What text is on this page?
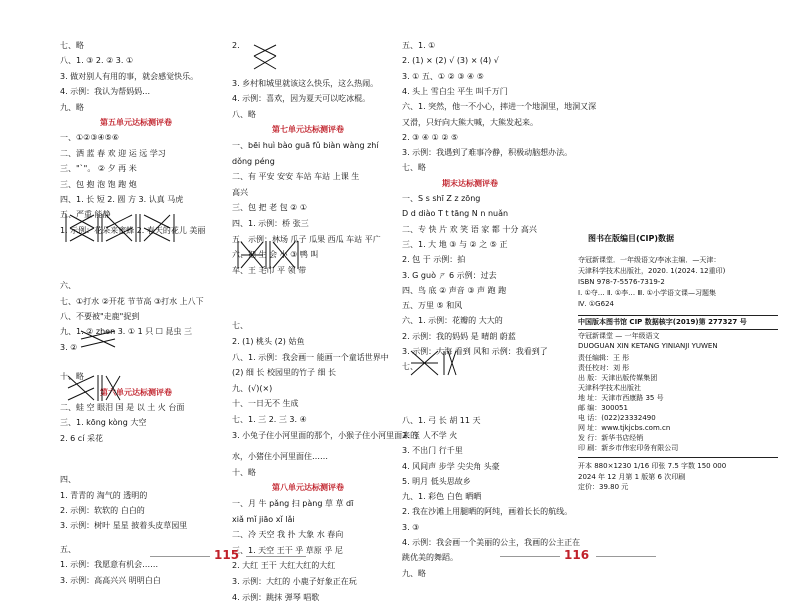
七、略
八、1. ③ 2. ② 3. ①
3. 做对别人有用的事，就会感觉快乐。
4. 示例：我认为帮妈妈…
九、略
第五单元达标测评卷
一、①②③④⑤⑥
二、洒 蓝 春 欢 迎 运 远 学习
三、"`"。 ② 夕 再 米
三、包 抱 泡 饱 跑 炮
四、1. 长 短 2. 圆 方 3. 认真 马虎
五、严重 能静
1. 示例：花朵来蜜蜂 2. 春天的花儿 美丽
六、
七、①打水 ②开花 节节高 ③打水 上八下
八、不要被"走鹿"捉到
九、1. ② zhen 3. ① 1 只 ☐ 昆虫 三
3. ②
十、略
第六单元达标测评卷
二、蛙 空 眼泪 国 是 以 土 火 台面
三、1. kōng kòng 大空
2. 6 cí 采花
四、
1. 青青的 淘气的 透明的
2. 示例：软软的 白白的
3. 示例：树叶 星星 披着头皮草园里
五、
1. 示例：我愿意有机会……
3. 示例：高高兴兴 明明白白
2.
3. 乡村和城里就该这么快乐，这么热闹。
4. 示例：喜欢，因为夏天可以吃冰棍。
八、略
第七单元达标测评卷
一、bēi huì bào guā fǔ biàn wàng zhí
dǒng péng
二、有 平安 安安 车站 车站 上课 生
高兴
三、包 把 老 包 ② ①
四、1. 示例：桥 张三
五、示例：林场 瓜子 瓜果 西瓜 车站 平广
六、把 生 会 小 ③ 鸭 叫
车、王 毛巾 平 领 带
七、
2. (1) 桃头 (2) 姑鱼
八、1. 示例：我会画一 能画一个童话世界中
(2) 细 长 校园里的竹子 细 长
九、(√)(×)
十、一日无不 生成
七、1. 三 2. 三 3. ④
3. 小兔子住小河里面的那个，小猴子住小河里面来的
水，小猪住小河里面住……
十、略
第八单元达标测评卷
一、月 牛 pǎng 扫 pàng 草 草 dī
xiǎ mǐ jiāo xǐ lǎi
二、冷 天空 我 扑 大象 水 春向
三、1. 天空 王干 乎 草原 乎 尼
2. 大红 王干 大红大红的大红
3. 示例：大红的 小鹿子好象正在玩
4. 示例：跳抹 弹琴 唱歌
五、1. ①
2. (1) × (2) √ (3) × (4) √
3. ① 五、① ② ③ ④ ⑤
4. 头上 雪白尘 平生 叫千万门
六、1. 突然，他一不小心，摔进一个地洞里，地洞又深
又滑，只好向大熊大喊，大熊发起来。
2. ③ ④ ① ② ⑤
3. 示例：我遇到了难事冷静，积极动脑想办法。
七、略
期末达标测评卷
一、S s shī Z z zōng
D d diào T t tāng N n nuǎn
二、专 快 片 欢 笑 语 家 都 十分 高兴
三、1. 大 地 ③ 与 ② 之 ⑤ 正
2. 包 于 示例：拍
3. G guò ㄕ 6 示例：过去
四、鸟 底 ② 声音 ③ 声 跑 跑
五、万里 ⑤ 和风
六、1. 示例：花瓣的 大大的
2. 示例：我的妈妈 是 晴朗 蔚蓝
3. 示例：大海 看到 风和 示例：我看到了
七、
八、1. 弓 长 胡 11 天
2. 玉 人不学 火
3. 不出门 行千里
4. 风间声 步学 尖尖角 头豪
5. 明月 低头思故乡
九、1. 彩色 白色 晒晒
2. 我在沙滩上用腿晒的阿纯，画着长长的航线。
3. ③
4. 示例：我会画一个美丽的公主，我画的公主正在
跳优美的舞蹈。
九、略
图书在版编目(CIP)数据
夺冠新课堂．一年级语文/李冰主编．—天津：
天津科学技术出版社，2020. 1(2024. 12重印)
ISBN 978-7-5576-7319-2
Ⅰ. ①夺… Ⅱ. ①李… Ⅲ. ①小学语文课—习题集
Ⅳ. ①G624
中国版本图书馆 CIP 数据核字(2019)第 277327 号
夺冠新课堂 — 一年级语文
DUOGUAN XIN KETANG YINIANJI YUWEN
责任编辑：王 彤
责任校对：刘 彤
出 版：天津出版传媒集团
天津科学技术出版社
地 址：天津市西康路 35 号
邮 编：300051
电 话：(022)23332490
网 址：www.tjkjcbs.com.cn
发 行：新华书店经销
印 刷：新乡市伟宏印务有限公司
开本 880×1230 1/16 印张 7.5 字数 150 000
2024 年 12 月第 1 版第 6 次印刷
定价：39.80 元
115	116
